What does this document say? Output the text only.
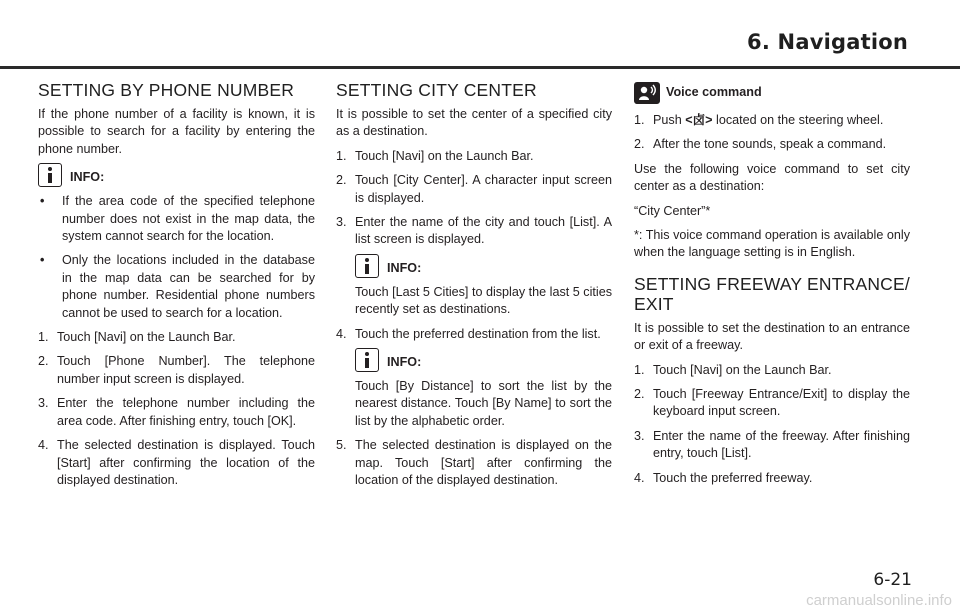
6. Navigation
SETTING BY PHONE NUMBER

If the phone number of a facility is known, it is possible to search for a facility by entering the phone number.

INFO:
•	If the area code of the specified telephone number does not exist in the map data, the system cannot search for the location.
•	Only the locations included in the database in the map data can be searched for by phone number. Residential phone numbers cannot be used to search for a location.
1. Touch [Navi] on the Launch Bar.
2. Touch [Phone Number]. The telephone number input screen is displayed.
3. Enter the telephone number including the area code. After finishing entry, touch [OK].
4. The selected destination is displayed. Touch [Start] after confirming the location of the displayed destination.
SETTING CITY CENTER

It is possible to set the center of a specified city as a destination.

1. Touch [Navi] on the Launch Bar.
2. Touch [City Center]. A character input screen is displayed.
3. Enter the name of the city and touch [List]. A list screen is displayed.
INFO:
Touch [Last 5 Cities] to display the last 5 cities recently set as destinations.
4. Touch the preferred destination from the list.
INFO:
Touch [By Distance] to sort the list by the nearest distance. Touch [By Name] to sort the list by the alphabetic order.
5. The selected destination is displayed on the map. Touch [Start] after confirming the location of the displayed destination.
Voice command
1. Push <⻧> located on the steering wheel.
2. After the tone sounds, speak a command.

Use the following voice command to set city center as a destination:

“City Center”*

*: This voice command operation is available only when the language setting is in English.

SETTING FREEWAY ENTRANCE/ EXIT

It is possible to set the destination to an entrance or exit of a freeway.

1. Touch [Navi] on the Launch Bar.
2. Touch [Freeway Entrance/Exit] to display the keyboard input screen.
3. Enter the name of the freeway. After finishing entry, touch [List].
4. Touch the preferred freeway.
6-21
carmanualsonline.info
